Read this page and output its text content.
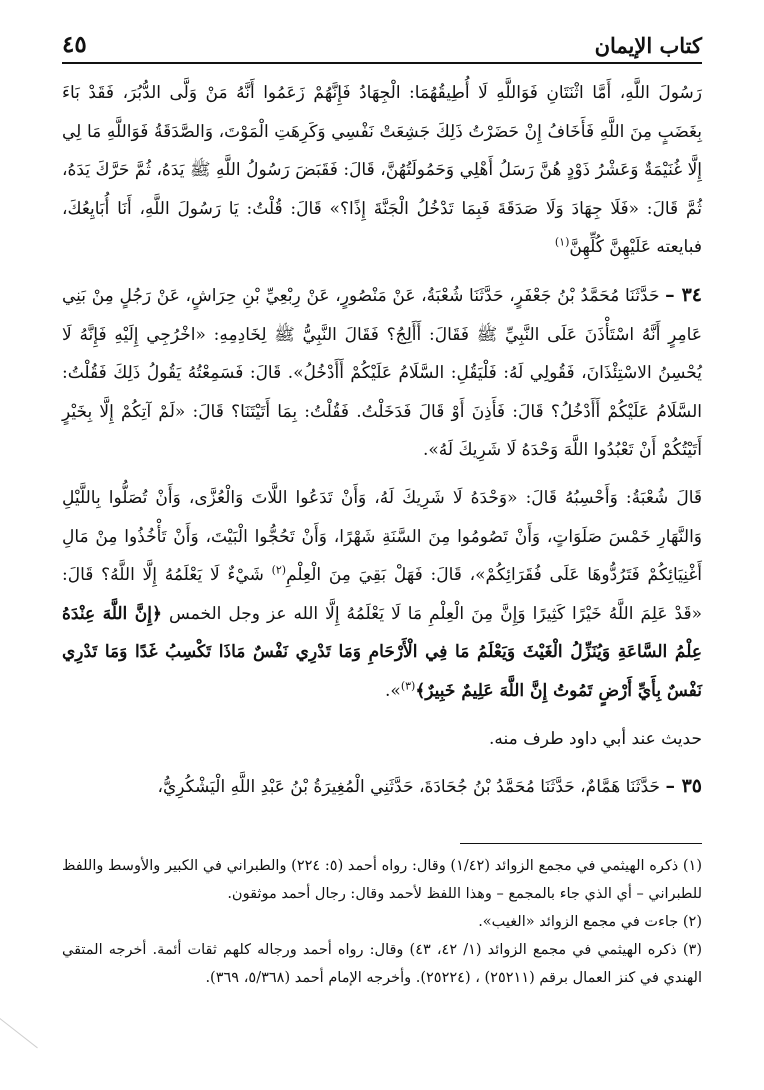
كتاب الإيمان
٤٥

رَسُولَ اللَّهِ، أَمَّا اثْنَتَانِ فَوَاللَّهِ لَا أُطِيقُهُمَا: الْجِهَادُ فَإِنَّهُمْ زَعَمُوا أَنَّهُ مَنْ وَلَّى الدُّبُرَ، فَقَدْ بَاءَ بِغَضَبٍ مِنَ اللَّهِ فَأَخَافُ إِنْ حَضَرْتُ ذَلِكَ جَشِعَتْ نَفْسِي وَكَرِهَتِ الْمَوْتَ، وَالصَّدَقَةُ فَوَاللَّهِ مَا لِي إِلَّا غُنَيْمَةٌ وَعَشْرُ ذَوْدٍ هُنَّ رَسَلُ أَهْلِي وَحَمُولَتُهُنَّ، قَالَ: فَقَبَضَ رَسُولُ اللَّهِ ﷺ يَدَهُ، ثُمَّ حَرَّكَ يَدَهُ، ثُمَّ قَالَ: «فَلَا جِهَادَ وَلَا صَدَقَةَ فَبِمَا تَدْخُلُ الْجَنَّةَ إِذًا؟» قَالَ: قُلْتُ: يَا رَسُولَ اللَّهِ، أَنَا أُبَايِعُكَ، فبايعته عَلَيْهِنَّ كُلِّهِنَّ$^{(١)}$

٣٤ – حَدَّثَنَا مُحَمَّدُ بْنُ جَعْفَرٍ، حَدَّثَنَا شُعْبَةُ، عَنْ مَنْصُورٍ، عَنْ رِبْعِيِّ بْنِ حِرَاشٍ، عَنْ رَجُلٍ مِنْ بَنِي عَامِرٍ أَنَّهُ اسْتَأْذَنَ عَلَى النَّبِيِّ ﷺ فَقَالَ: أَأَلِجُ؟ فَقَالَ النَّبِيُّ ﷺ لِخَادِمِهِ: «اخْرُجِي إِلَيْهِ فَإِنَّهُ لَا يُحْسِنُ الاسْتِئْذَانَ، فَقُولِي لَهُ: فَلْيَقُلِ: السَّلَامُ عَلَيْكُمْ أَأَدْخُلُ». قَالَ: فَسَمِعْتُهُ يَقُولُ ذَلِكَ فَقُلْتُ: السَّلَامُ عَلَيْكُمْ أَأَدْخُلُ؟ قَالَ: فَأَذِنَ أَوْ قَالَ فَدَخَلْتُ. فَقُلْتُ: بِمَا أَتَيْتَنَا؟ قَالَ: «لَمْ آتِكُمْ إِلَّا بِخَيْرٍ أَتَيْتُكُمْ أَنْ تَعْبُدُوا اللَّهَ وَحْدَهُ لَا شَرِيكَ لَهُ».

قَالَ شُعْبَةُ: وَأَحْسِبُهُ قَالَ: «وَحْدَهُ لَا شَرِيكَ لَهُ، وَأَنْ تَدَعُوا اللَّاتَ وَالْعُزَّى، وَأَنْ تُصَلُّوا بِاللَّيْلِ وَالنَّهَارِ خَمْسَ صَلَوَاتٍ، وَأَنْ تَصُومُوا مِنَ السَّنَةِ شَهْرًا، وَأَنْ تَحُجُّوا الْبَيْتَ، وَأَنْ تَأْخُذُوا مِنْ مَالِ أَغْنِيَائِكُمْ فَتَرُدُّوهَا عَلَى فُقَرَائِكُمْ»، قَالَ: فَهَلْ بَقِيَ مِنَ الْعِلْمِ$^{(٢)}$ شَيْءٌ لَا يَعْلَمُهُ إِلَّا اللَّهُ؟ قَالَ: «قَدْ عَلِمَ اللَّهُ خَيْرًا كَثِيرًا وَإِنَّ مِنَ الْعِلْمِ مَا لَا يَعْلَمُهُ إِلَّا الله عز وجل الخمس ﴿إِنَّ اللَّهَ عِنْدَهُ عِلْمُ السَّاعَةِ وَيُنَزِّلُ الْغَيْثَ وَيَعْلَمُ مَا فِي الْأَرْحَامِ وَمَا تَدْرِي نَفْسٌ مَاذَا تَكْسِبُ غَدًا وَمَا تَدْرِي نَفْسٌ بِأَيِّ أَرْضٍ تَمُوتُ إِنَّ اللَّهَ عَلِيمٌ خَبِيرٌ﴾$^{(٣)}$».

حديث عند أبي داود طرف منه.

٣٥ – حَدَّثَنَا هَمَّامٌ، حَدَّثَنَا مُحَمَّدُ بْنُ جُحَادَةَ، حَدَّثَنِي الْمُغِيرَةُ بْنُ عَبْدِ اللَّهِ الْيَشْكُرِيُّ،

(١) ذكره الهيثمي في مجمع الزوائد (١/٤٢) وقال: رواه أحمد (٥: ٢٢٤) والطبراني في الكبير والأوسط واللفظ للطبراني – أي الذي جاء بالمجمع – وهذا اللفظ لأحمد وقال: رجال أحمد موثقون.

(٢) جاءت في مجمع الزوائد «الغيب».

(٣) ذكره الهيثمي في مجمع الزوائد (١/ ٤٢، ٤٣) وقال: رواه أحمد ورجاله كلهم ثقات أئمة. أخرجه المتقي الهندي في كنز العمال برقم (٢٥٢١١) ، (٢٥٢٢٤). وأخرجه الإمام أحمد (٥/٣٦٨، ٣٦٩).
